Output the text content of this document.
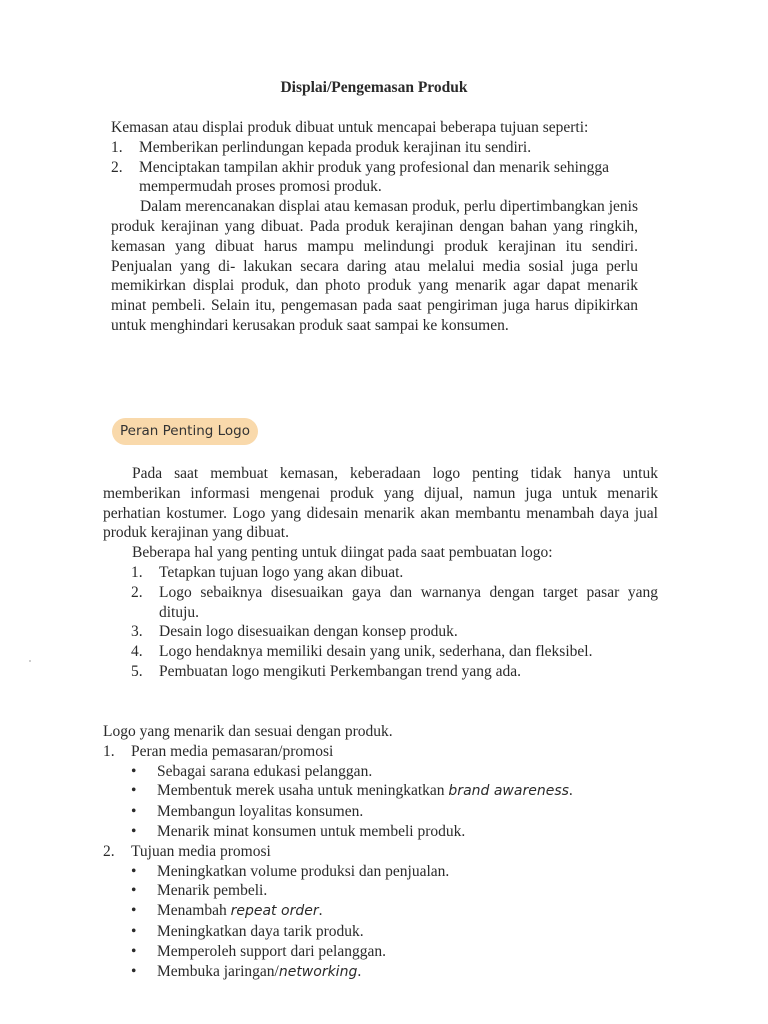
Displai/Pengemasan Produk

Kemasan atau displai produk dibuat untuk mencapai beberapa tujuan seperti:

1. Memberikan perlindungan kepada produk kerajinan itu sendiri.
2. Menciptakan tampilan akhir produk yang profesional dan menarik sehingga mempermudah proses promosi produk.

Dalam merencanakan displai atau kemasan produk, perlu dipertimbangkan jenis produk kerajinan yang dibuat. Pada produk kerajinan dengan bahan yang ringkih, kemasan yang dibuat harus mampu melindungi produk kerajinan itu sendiri. Penjualan yang di- lakukan secara daring atau melalui media sosial juga perlu memikirkan displai produk, dan photo produk yang menarik agar dapat menarik minat pembeli. Selain itu, pengemasan pada saat pengiriman juga harus dipikirkan untuk menghindari kerusakan produk saat sampai ke konsumen.

Peran Penting Logo

Pada saat membuat kemasan, keberadaan logo penting tidak hanya untuk memberikan informasi mengenai produk yang dijual, namun juga untuk menarik perhatian kostumer. Logo yang didesain menarik akan membantu menambah daya jual produk kerajinan yang dibuat.

Beberapa hal yang penting untuk diingat pada saat pembuatan logo:

1. Tetapkan tujuan logo yang akan dibuat.
2. Logo sebaiknya disesuaikan gaya dan warnanya dengan target pasar yang dituju.
3. Desain logo disesuaikan dengan konsep produk.
4. Logo hendaknya memiliki desain yang unik, sederhana, dan fleksibel.
5. Pembuatan logo mengikuti Perkembangan trend yang ada.

Logo yang menarik dan sesuai dengan produk.

1. Peran media pemasaran/promosi
• Sebagai sarana edukasi pelanggan.
• Membentuk merek usaha untuk meningkatkan brand awareness.
• Membangun loyalitas konsumen.
• Menarik minat konsumen untuk membeli produk.
2. Tujuan media promosi
• Meningkatkan volume produksi dan penjualan.
• Menarik pembeli.
• Menambah repeat order.
• Meningkatkan daya tarik produk.
• Memperoleh support dari pelanggan.
• Membuka jaringan/networking.
